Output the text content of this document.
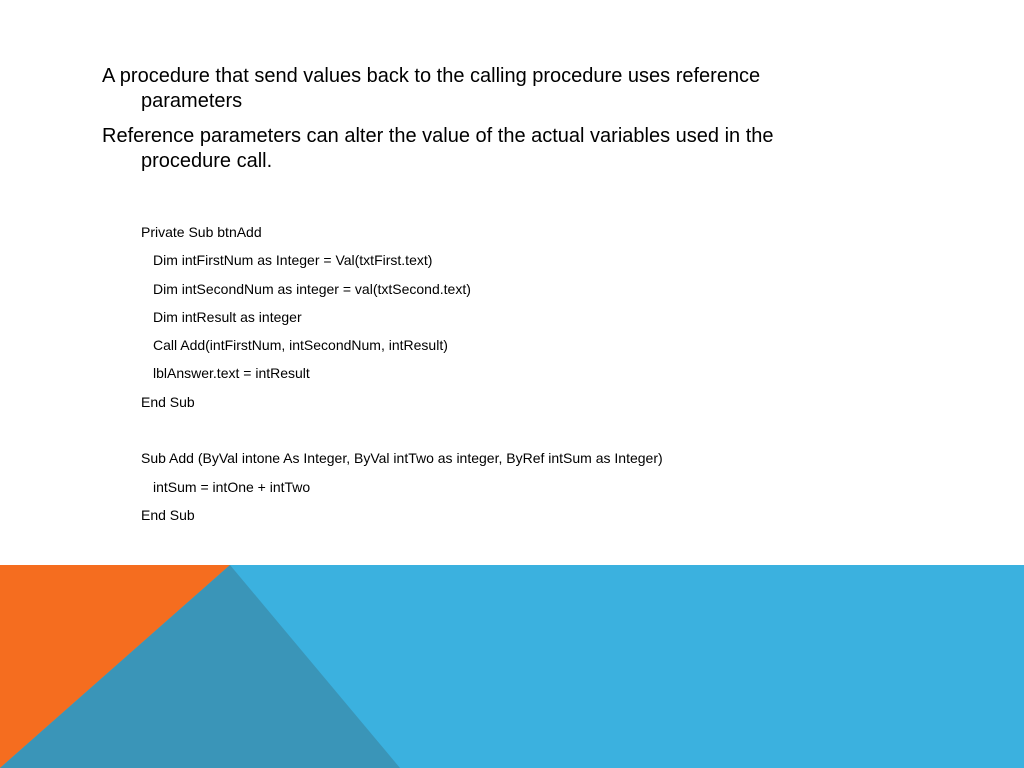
A procedure that send values back to the calling procedure uses reference parameters
Reference parameters can alter the value of the actual variables used in the procedure call.
Private Sub btnAdd
Dim intFirstNum as Integer = Val(txtFirst.text)
Dim intSecondNum as integer = val(txtSecond.text)
Dim intResult as integer
Call Add(intFirstNum, intSecondNum, intResult)
lblAnswer.text = intResult
End Sub
Sub Add (ByVal intone As Integer, ByVal intTwo as integer, ByRef intSum as Integer)
intSum = intOne + intTwo
End Sub
